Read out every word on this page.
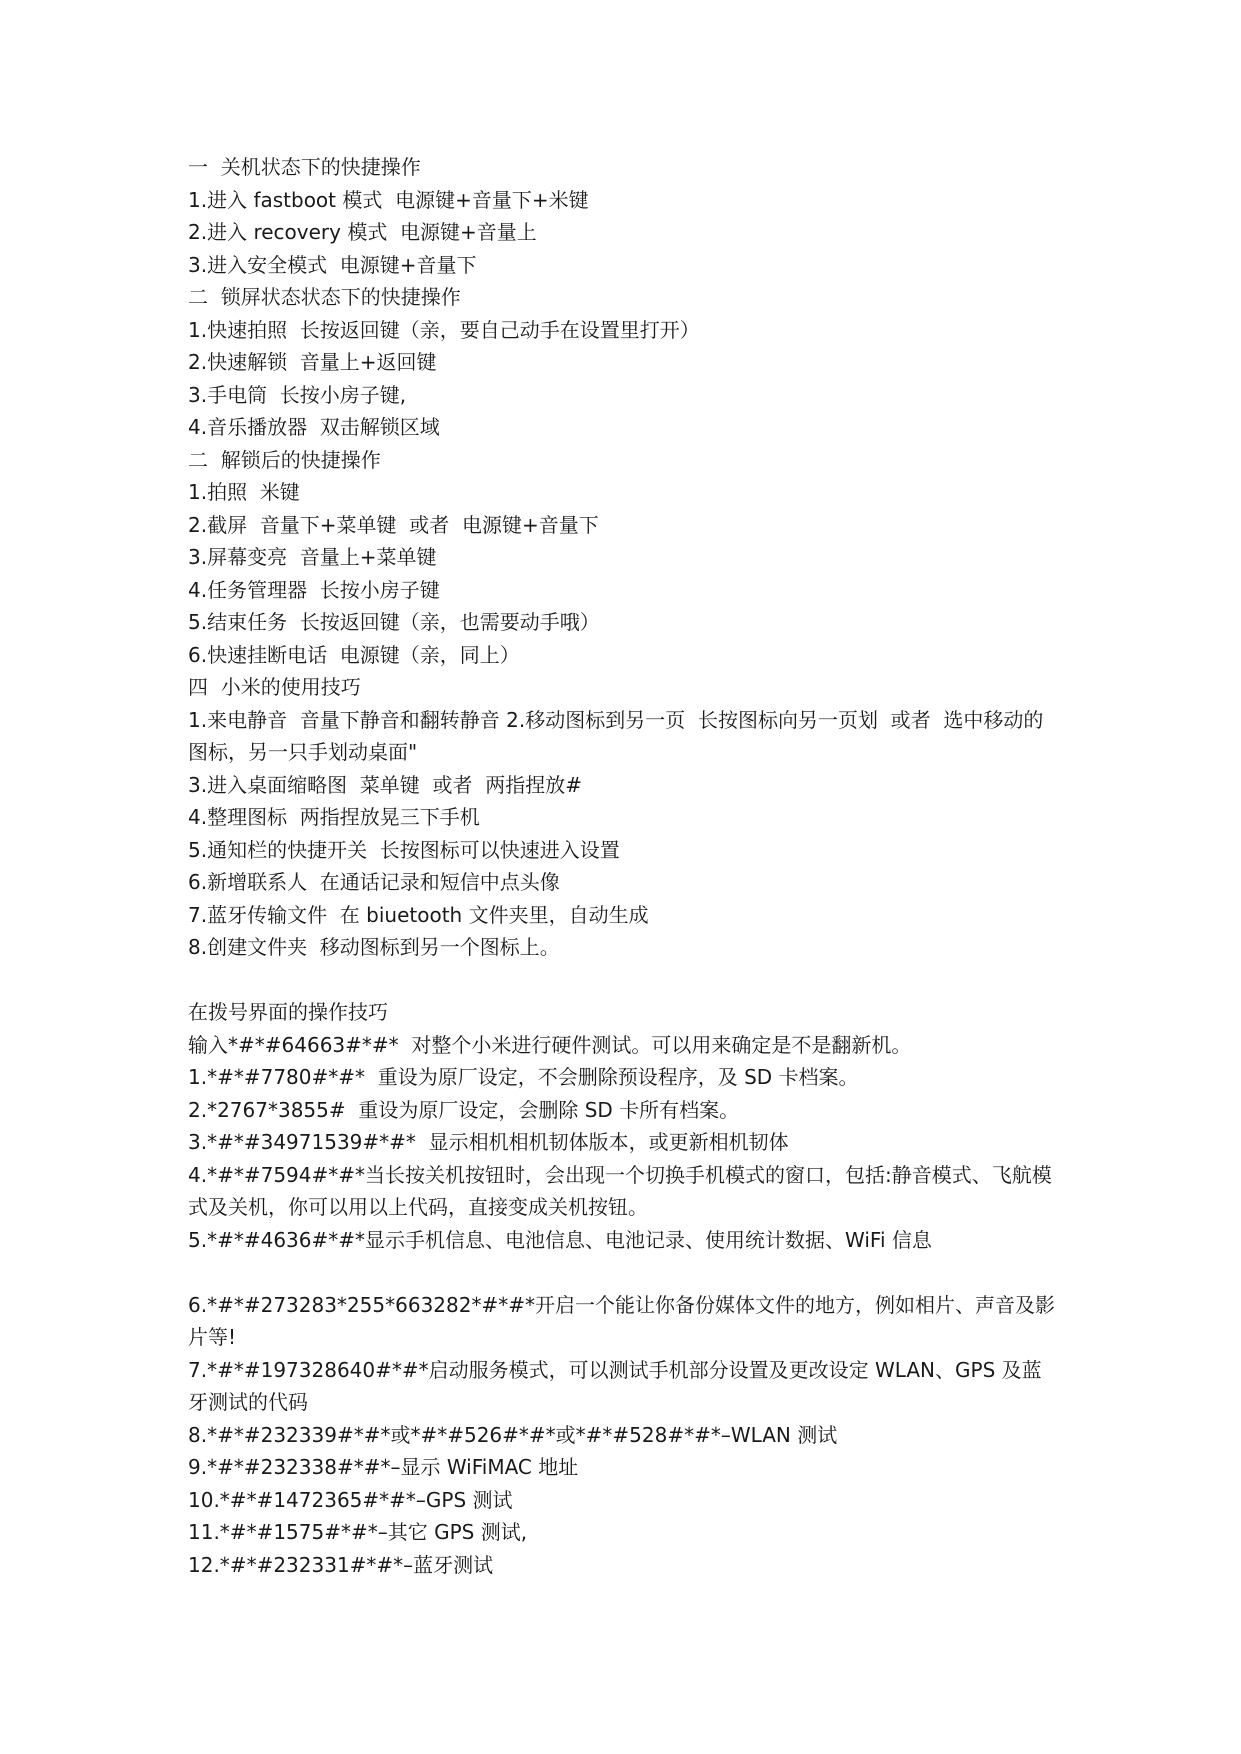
一  关机状态下的快捷操作

1.进入 fastboot 模式  电源键+音量下+米键

2.进入 recovery 模式  电源键+音量上

3.进入安全模式  电源键+音量下

二  锁屏状态状态下的快捷操作

1.快速拍照  长按返回键（亲，要自己动手在设置里打开）

2.快速解锁  音量上+返回键

3.手电筒  长按小房子键,

4.音乐播放器  双击解锁区域

二  解锁后的快捷操作

1.拍照  米键

2.截屏  音量下+菜单键  或者  电源键+音量下

3.屏幕变亮  音量上+菜单键

4.任务管理器  长按小房子键

5.结束任务  长按返回键（亲，也需要动手哦）

6.快速挂断电话  电源键（亲，同上）

四  小米的使用技巧

1.来电静音  音量下静音和翻转静音 2.移动图标到另一页  长按图标向另一页划  或者  选中移动的图标，另一只手划动桌面"

3.进入桌面缩略图  菜单键  或者  两指捏放#

4.整理图标  两指捏放晃三下手机

5.通知栏的快捷开关  长按图标可以快速进入设置

6.新增联系人  在通话记录和短信中点头像

7.蓝牙传输文件  在 biuetooth 文件夹里，自动生成

8.创建文件夹  移动图标到另一个图标上。

在拨号界面的操作技巧

输入*#*#64663#*#*  对整个小米进行硬件测试。可以用来确定是不是翻新机。

1.*#*#7780#*#*  重设为原厂设定，不会删除预设程序，及 SD 卡档案。

2.*2767*3855#  重设为原厂设定，会删除 SD 卡所有档案。

3.*#*#34971539#*#*  显示相机相机韧体版本，或更新相机韧体

4.*#*#7594#*#*当长按关机按钮时，会出现一个切换手机模式的窗口，包括:静音模式、飞航模式及关机，你可以用以上代码，直接变成关机按钮。

5.*#*#4636#*#*显示手机信息、电池信息、电池记录、使用统计数据、WiFi 信息

6.*#*#273283*255*663282*#*#*开启一个能让你备份媒体文件的地方，例如相片、声音及影片等!

7.*#*#197328640#*#*启动服务模式，可以测试手机部分设置及更改设定 WLAN、GPS 及蓝牙测试的代码

8.*#*#232339#*#*或*#*#526#*#*或*#*#528#*#*–WLAN 测试

9.*#*#232338#*#*–显示 WiFiMAC 地址

10.*#*#1472365#*#*–GPS 测试

11.*#*#1575#*#*–其它 GPS 测试,

12.*#*#232331#*#*–蓝牙测试
